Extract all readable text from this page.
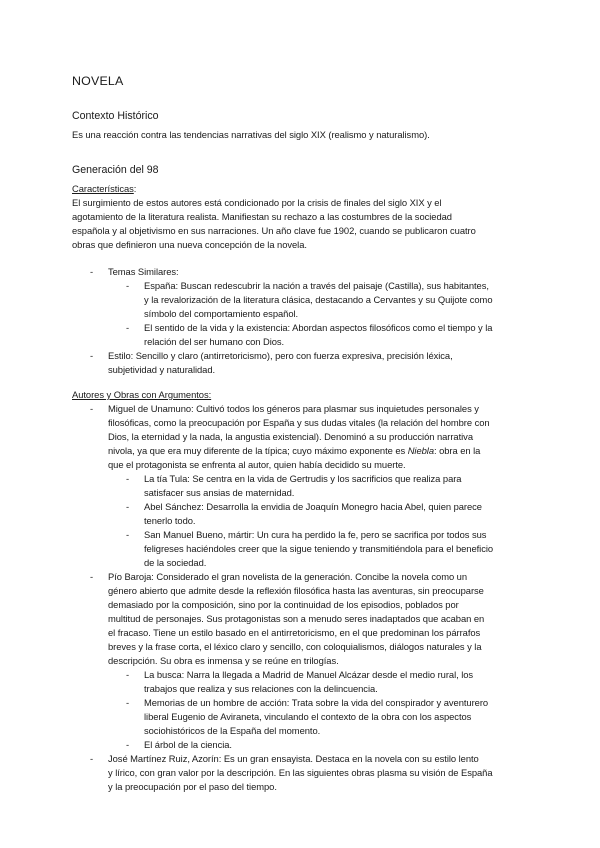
NOVELA
Contexto Histórico
Es una reacción contra las tendencias narrativas del siglo XIX (realismo y naturalismo).
Generación del 98
Características:
El surgimiento de estos autores está condicionado por la crisis de finales del siglo XIX y el
agotamiento de la literatura realista. Manifiestan su rechazo a las costumbres de la sociedad
española y al objetivismo en sus narraciones. Un año clave fue 1902, cuando se publicaron cuatro
obras que definieron una nueva concepción de la novela.
- Temas Similares:
- España: Buscan redescubrir la nación a través del paisaje (Castilla), sus habitantes,
y la revalorización de la literatura clásica, destacando a Cervantes y su Quijote como
símbolo del comportamiento español.
- El sentido de la vida y la existencia: Abordan aspectos filosóficos como el tiempo y la
relación del ser humano con Dios.
- Estilo: Sencillo y claro (antirretoricismo), pero con fuerza expresiva, precisión léxica,
subjetividad y naturalidad.
Autores y Obras con Argumentos:
- Miguel de Unamuno: Cultivó todos los géneros para plasmar sus inquietudes personales y
filosóficas, como la preocupación por España y sus dudas vitales (la relación del hombre con
Dios, la eternidad y la nada, la angustia existencial). Denominó a su producción narrativa
nivola, ya que era muy diferente de la típica; cuyo máximo exponente es Niebla: obra en la
que el protagonista se enfrenta al autor, quien había decidido su muerte.
- La tía Tula: Se centra en la vida de Gertrudis y los sacrificios que realiza para
satisfacer sus ansias de maternidad.
- Abel Sánchez: Desarrolla la envidia de Joaquín Monegro hacia Abel, quien parece
tenerlo todo.
- San Manuel Bueno, mártir: Un cura ha perdido la fe, pero se sacrifica por todos sus
feligreses haciéndoles creer que la sigue teniendo y transmitiéndola para el beneficio
de la sociedad.
- Pío Baroja: Considerado el gran novelista de la generación. Concibe la novela como un
género abierto que admite desde la reflexión filosófica hasta las aventuras, sin preocuparse
demasiado por la composición, sino por la continuidad de los episodios, poblados por
multitud de personajes. Sus protagonistas son a menudo seres inadaptados que acaban en
el fracaso. Tiene un estilo basado en el antirretoricismo, en el que predominan los párrafos
breves y la frase corta, el léxico claro y sencillo, con coloquialismos, diálogos naturales y la
descripción. Su obra es inmensa y se reúne en trilogías.
- La busca: Narra la llegada a Madrid de Manuel Alcázar desde el medio rural, los
trabajos que realiza y sus relaciones con la delincuencia.
- Memorias de un hombre de acción: Trata sobre la vida del conspirador y aventurero
liberal Eugenio de Aviraneta, vinculando el contexto de la obra con los aspectos
sociohistóricos de la España del momento.
- El árbol de la ciencia.
- José Martínez Ruiz, Azorín: Es un gran ensayista. Destaca en la novela con su estilo lento
y lírico, con gran valor por la descripción. En las siguientes obras plasma su visión de España
y la preocupación por el paso del tiempo.
